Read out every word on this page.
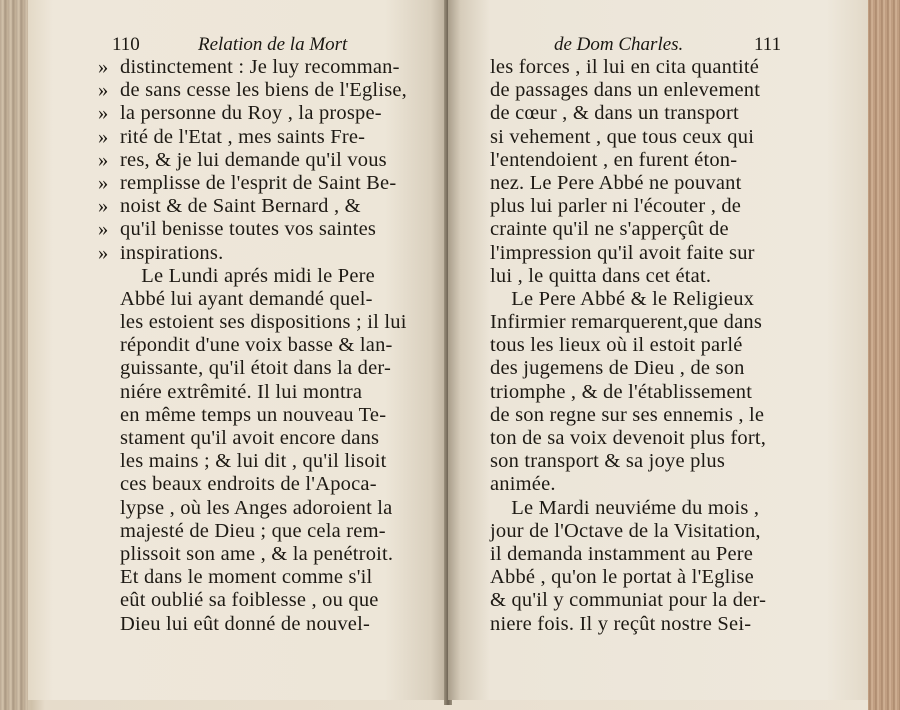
110	Relation de la Mort
» distinctement : Je luy recomman-
» de sans cesse les biens de l'Eglise,
» la personne du Roy , la prospe-
» rité de l'Etat , mes saints Fre-
» res, & je lui demande qu'il vous
» remplisse de l'esprit de Saint Be-
» noist & de Saint Bernard , &
» qu'il benisse toutes vos saintes
» inspirations.
Le Lundi aprés midi le Pere
Abbé lui ayant demandé quel-
les estoient ses dispositions ; il lui
répondit d'une voix basse & lan-
guissante, qu'il étoit dans la der-
niére extrêmité. Il lui montra
en même temps un nouveau Te-
stament qu'il avoit encore dans
les mains ; & lui dit , qu'il lisoit
ces beaux endroits de l'Apoca-
lypse , où les Anges adoroient la
majesté de Dieu ; que cela rem-
plissoit son ame , & la penétroit.
Et dans le moment comme s'il
eût oublié sa foiblesse , ou que
Dieu lui eût donné de nouvel-
de Dom Charles.	111
les forces , il lui en cita quantité
de passages dans un enlevement
de cœur , & dans un transport
si vehement , que tous ceux qui
l'entendoient , en furent éton-
nez. Le Pere Abbé ne pouvant
plus lui parler ni l'écouter , de
crainte qu'il ne s'apperçût de
l'impression qu'il avoit faite sur
lui , le quitta dans cet état.
Le Pere Abbé & le Religieux
Infirmier remarquerent,que dans
tous les lieux où il estoit parlé
des jugemens de Dieu , de son
triomphe , & de l'établissement
de son regne sur ses ennemis , le
ton de sa voix devenoit plus fort,
son transport & sa joye plus
animée.
Le Mardi neuviéme du mois ,
jour de l'Octave de la Visitation,
il demanda instamment au Pere
Abbé , qu'on le portat à l'Eglise
& qu'il y communiat pour la der-
niere fois. Il y reçût nostre Sei-
